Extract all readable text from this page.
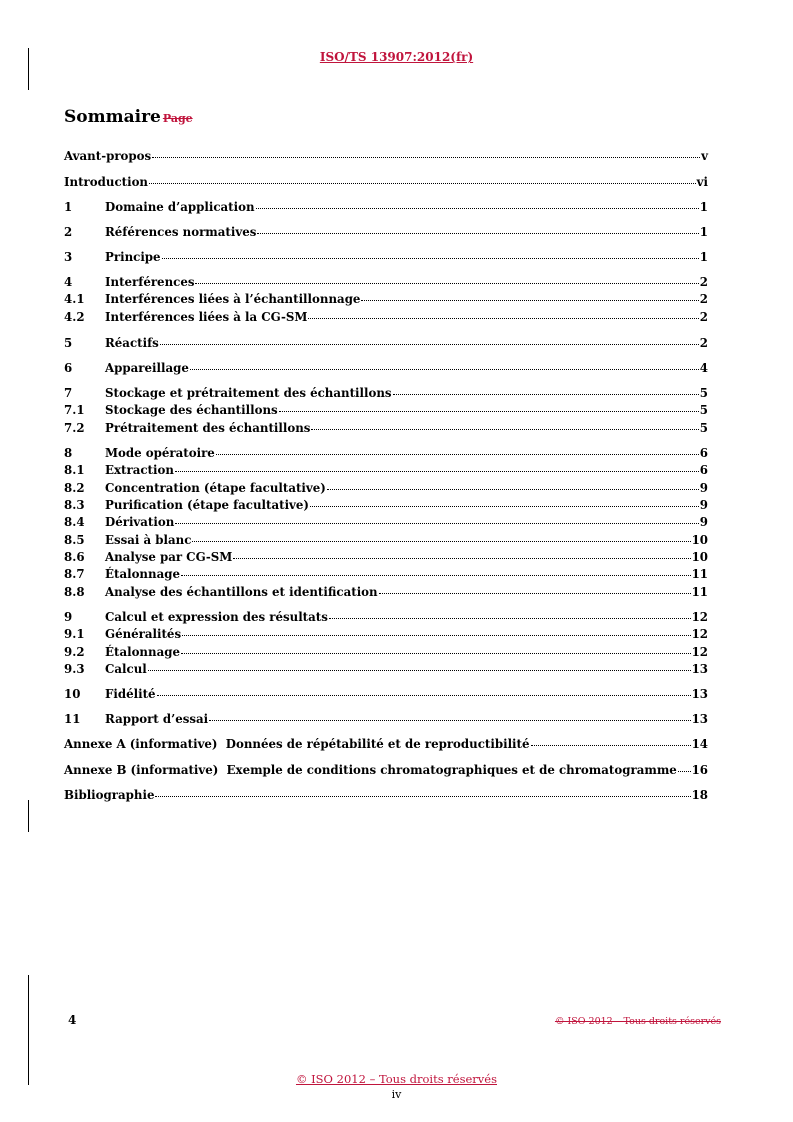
ISO/TS 13907:2012(fr)
Sommaire Page
Avant-propos	v
Introduction	vi
1	Domaine d’application	1
2	Références normatives	1
3	Principe	1
4	Interférences	2
4.1	Interférences liées à l’échantillonnage	2
4.2	Interférences liées à la CG-SM	2
5	Réactifs	2
6	Appareillage	4
7	Stockage et prétraitement des échantillons	5
7.1	Stockage des échantillons	5
7.2	Prétraitement des échantillons	5
8	Mode opératoire	6
8.1	Extraction	6
8.2	Concentration (étape facultative)	9
8.3	Purification (étape facultative)	9
8.4	Dérivation	9
8.5	Essai à blanc	10
8.6	Analyse par CG-SM	10
8.7	Étalonnage	11
8.8	Analyse des échantillons et identification	11
9	Calcul et expression des résultats	12
9.1	Généralités	12
9.2	Étalonnage	12
9.3	Calcul	13
10	Fidélité	13
11	Rapport d’essai	13
Annexe A (informative)  Données de répétabilité et de reproductibilité	14
Annexe B (informative)  Exemple de conditions chromatographiques et de chromatogramme 16
Bibliographie	18
4	© ISO 2012 – Tous droits réservés
© ISO 2012 – Tous droits réservés
iv
